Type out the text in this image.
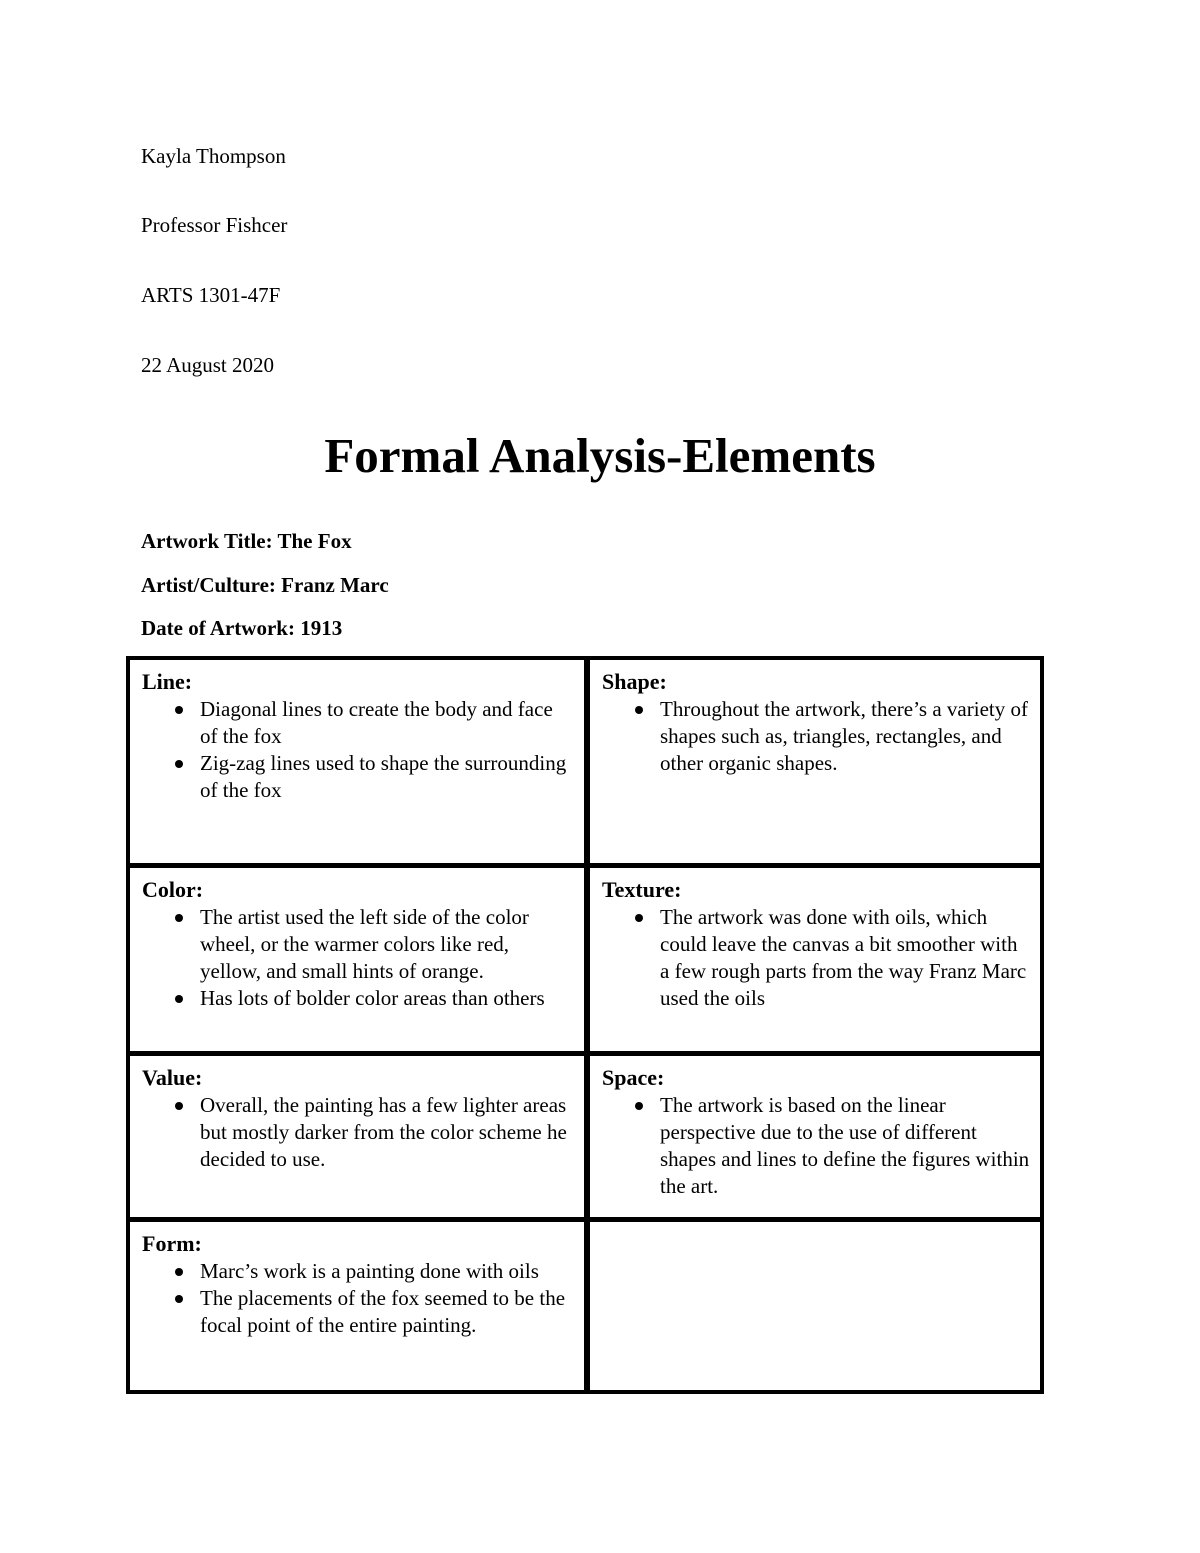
Kayla Thompson
Professor Fishcer
ARTS 1301-47F
22 August 2020
Formal Analysis-Elements
Artwork Title: The Fox
Artist/Culture: Franz Marc
Date of Artwork: 1913
Line:
Diagonal lines to create the body and face of the fox
Zig-zag lines used to shape the surrounding of the fox
Shape:
Throughout the artwork, there’s a variety of shapes such as, triangles, rectangles, and other organic shapes.
Color:
The artist used the left side of the color wheel, or the warmer colors like red, yellow, and small hints of orange.
Has lots of bolder color areas than others
Texture:
The artwork was done with oils, which could leave the canvas a bit smoother with a few rough parts from the way Franz Marc used the oils
Value:
Overall, the painting has a few lighter areas but mostly darker from the color scheme he decided to use.
Space:
The artwork is based on the linear perspective due to the use of different shapes and lines to define the figures within the art.
Form:
Marc’s work is a painting done with oils
The placements of the fox seemed to be the focal point of the entire painting.
